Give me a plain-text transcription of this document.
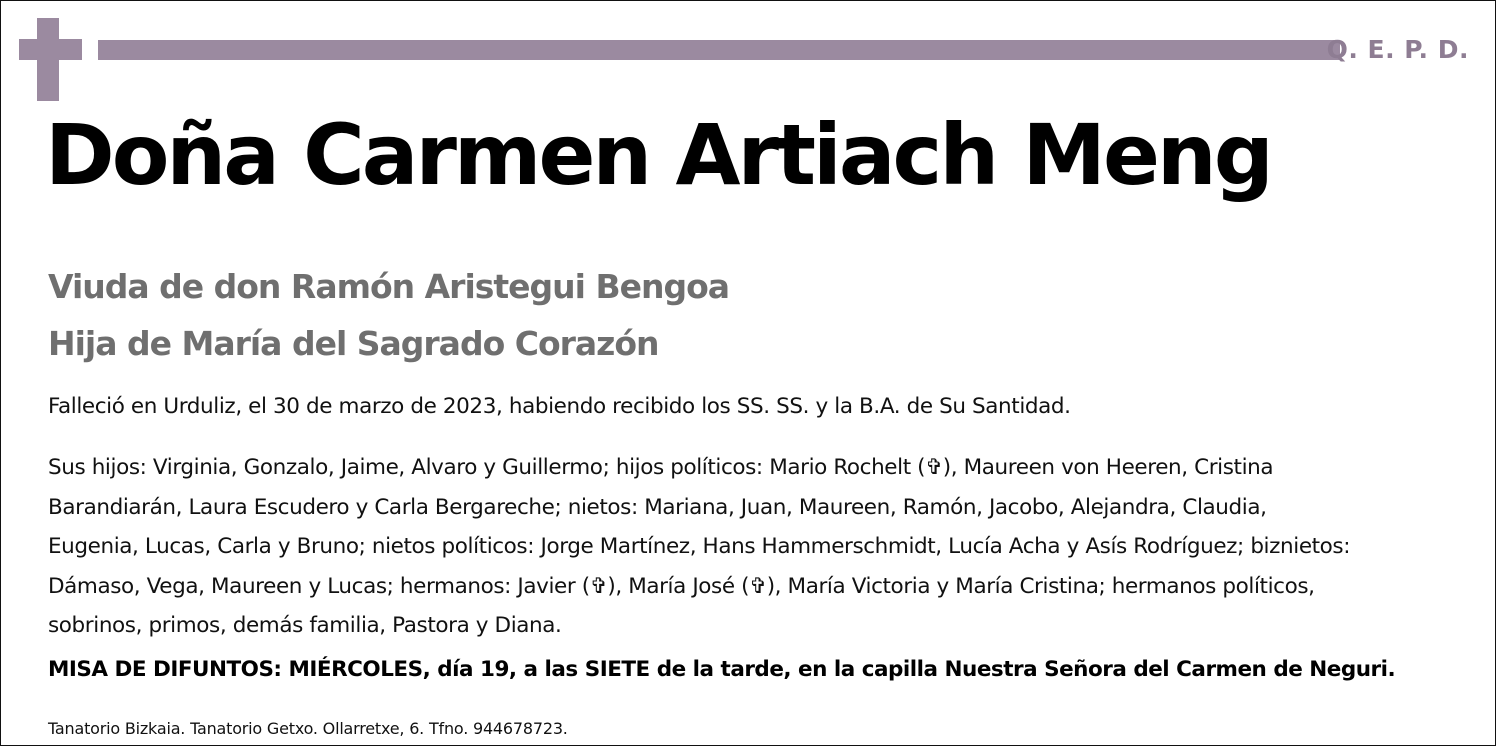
Q. E. P. D.
Doña Carmen Artiach Meng
Viuda de don Ramón Aristegui Bengoa
Hija de María del Sagrado Corazón
Falleció en Urduliz, el 30 de marzo de 2023, habiendo recibido los SS. SS. y la B.A. de Su Santidad.
Sus hijos: Virginia, Gonzalo, Jaime, Alvaro y Guillermo; hijos políticos: Mario Rochelt (✞), Maureen von Heeren, Cristina
Barandiarán, Laura Escudero y Carla Bergareche; nietos: Mariana, Juan, Maureen, Ramón, Jacobo, Alejandra, Claudia,
Eugenia, Lucas, Carla y Bruno; nietos políticos: Jorge Martínez, Hans Hammerschmidt, Lucía Acha y Asís Rodríguez; biznietos:
Dámaso, Vega, Maureen y Lucas; hermanos: Javier (✞), María José (✞), María Victoria y María Cristina; hermanos políticos,
sobrinos, primos, demás familia, Pastora y Diana.
MISA DE DIFUNTOS: MIÉRCOLES, día 19, a las SIETE de la tarde, en la capilla Nuestra Señora del Carmen de Neguri.
Tanatorio Bizkaia. Tanatorio Getxo. Ollarretxe, 6. Tfno. 944678723.
